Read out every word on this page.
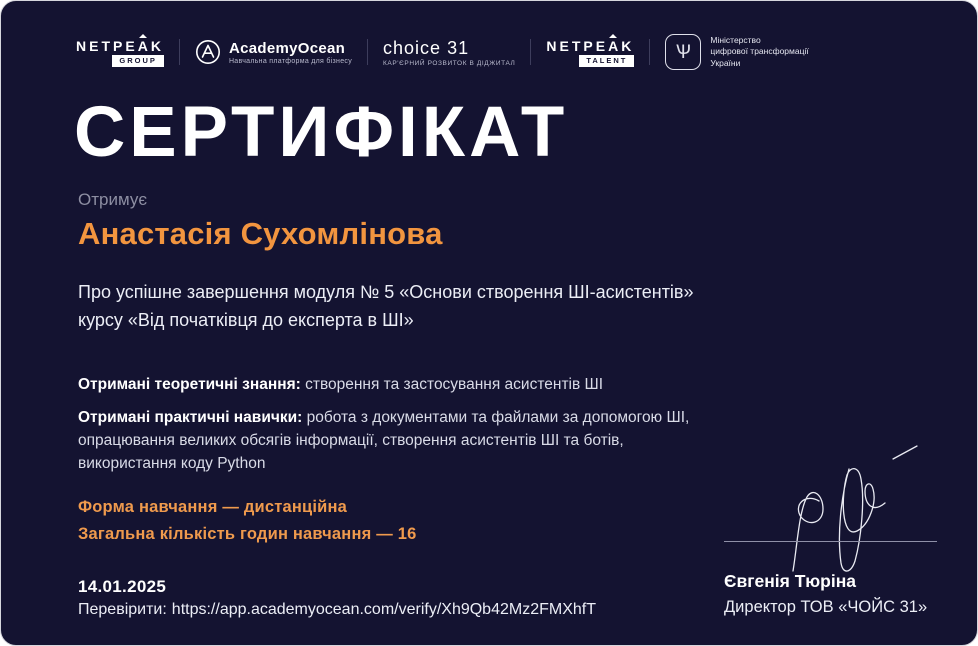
NETPEAK
GROUP
AcademyOcean
Навчальна платформа для бізнесу
choice 31
КАР'ЄРНИЙ РОЗВИТОК В ДІДЖИТАЛ
NETPEAK
TALENT	Ѱ
Міністерство
цифрової трансформації
України
СЕРТИФІКАТ
Отримує
Анастасія Сухомлінова
Про успішне завершення модуля № 5 «Основи створення ШІ-асистентів»
курсу «Від початківця до експерта в ШІ»
Отримані теоретичні знання: створення та застосування асистентів ШІ
Отримані практичні навички: робота з документами та файлами за допомогою ШІ,
опрацювання великих обсягів інформації, створення асистентів ШІ та ботів,
використання коду Python
Форма навчання — дистанційна
Загальна кількість годин навчання — 16
14.01.2025
Перевірити: https://app.academyocean.com/verify/Xh9Qb42Mz2FMXhfT
Євгенія Тюріна
Директор ТОВ «ЧОЙС 31»
